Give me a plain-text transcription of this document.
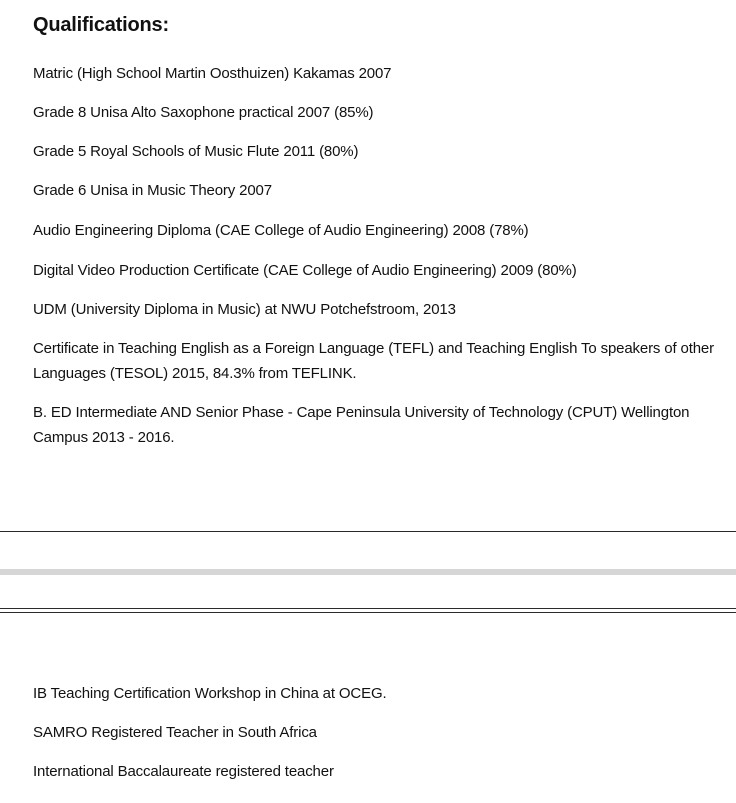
Qualifications:
Matric (High School Martin Oosthuizen) Kakamas 2007
Grade 8 Unisa Alto Saxophone practical 2007 (85%)
Grade 5 Royal Schools of Music Flute 2011 (80%)
Grade 6 Unisa in Music Theory 2007
Audio Engineering Diploma (CAE College of Audio Engineering) 2008 (78%)
Digital Video Production Certificate (CAE College of Audio Engineering) 2009 (80%)
UDM (University Diploma in Music) at NWU Potchefstroom, 2013
Certificate in Teaching English as a Foreign Language (TEFL) and Teaching English To speakers of other Languages (TESOL) 2015, 84.3% from TEFLINK.
B. ED Intermediate AND Senior Phase - Cape Peninsula University of Technology (CPUT) Wellington Campus 2013 - 2016.
IB Teaching Certification Workshop in China at OCEG.
SAMRO Registered Teacher in South Africa
International Baccalaureate registered teacher
